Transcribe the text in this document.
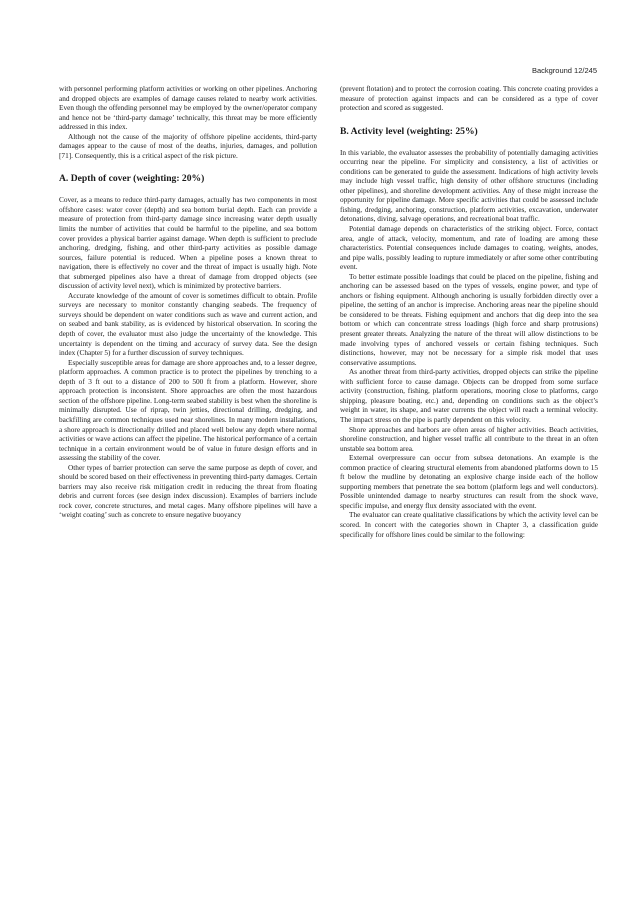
Background 12/245

with personnel performing platform activities or working on other pipelines. Anchoring and dropped objects are examples of damage causes related to nearby work activities. Even though the offending personnel may be employed by the owner/operator company and hence not be ‘third-party damage’ technically, this threat may be more efficiently addressed in this index.

Although not the cause of the majority of offshore pipeline accidents, third-party damages appear to the cause of most of the deaths, injuries, damages, and pollution [71]. Consequently, this is a critical aspect of the risk picture.

A. Depth of cover (weighting: 20%)

Cover, as a means to reduce third-party damages, actually has two components in most offshore cases: water cover (depth) and sea bottom burial depth. Each can provide a measure of protection from third-party damage since increasing water depth usually limits the number of activities that could be harmful to the pipeline, and sea bottom cover provides a physical barrier against damage. When depth is sufficient to preclude anchoring, dredging, fishing, and other third-party activities as possible damage sources, failure potential is reduced. When a pipeline poses a known threat to navigation, there is effectively no cover and the threat of impact is usually high. Note that submerged pipelines also have a threat of damage from dropped objects (see discussion of activity level next), which is minimized by protective barriers.

Accurate knowledge of the amount of cover is sometimes difficult to obtain. Profile surveys are necessary to monitor constantly changing seabeds. The frequency of surveys should be dependent on water conditions such as wave and current action, and on seabed and bank stability, as is evidenced by historical observation. In scoring the depth of cover, the evaluator must also judge the uncertainty of the knowledge. This uncertainty is dependent on the timing and accuracy of survey data. See the design index (Chapter 5) for a further discussion of survey techniques.

Especially susceptible areas for damage are shore approaches and, to a lesser degree, platform approaches. A common practice is to protect the pipelines by trenching to a depth of 3 ft out to a distance of 200 to 500 ft from a platform. However, shore approach protection is inconsistent. Shore approaches are often the most hazardous section of the offshore pipeline. Long-term seabed stability is best when the shoreline is minimally disrupted. Use of riprap, twin jetties, directional drilling, dredging, and backfilling are common techniques used near shorelines. In many modern installations, a shore approach is directionally drilled and placed well below any depth where normal activities or wave actions can affect the pipeline. The historical performance of a certain technique in a certain environment would be of value in future design efforts and in assessing the stability of the cover.

Other types of barrier protection can serve the same purpose as depth of cover, and should be scored based on their effectiveness in preventing third-party damages. Certain barriers may also receive risk mitigation credit in reducing the threat from floating debris and current forces (see design index discussion). Examples of barriers include rock cover, concrete structures, and metal cages. Many offshore pipelines will have a ‘weight coating’ such as concrete to ensure negative buoyancy

(prevent flotation) and to protect the corrosion coating. This concrete coating provides a measure of protection against impacts and can be considered as a type of cover protection and scored as suggested.

B. Activity level (weighting: 25%)

In this variable, the evaluator assesses the probability of potentially damaging activities occurring near the pipeline. For simplicity and consistency, a list of activities or conditions can be generated to guide the assessment. Indications of high activity levels may include high vessel traffic, high density of other offshore structures (including other pipelines), and shoreline development activities. Any of these might increase the opportunity for pipeline damage. More specific activities that could be assessed include fishing, dredging, anchoring, construction, platform activities, excavation, underwater detonations, diving, salvage operations, and recreational boat traffic.

Potential damage depends on characteristics of the striking object. Force, contact area, angle of attack, velocity, momentum, and rate of loading are among these characteristics. Potential consequences include damages to coating, weights, anodes, and pipe walls, possibly leading to rupture immediately or after some other contributing event.

To better estimate possible loadings that could be placed on the pipeline, fishing and anchoring can be assessed based on the types of vessels, engine power, and type of anchors or fishing equipment. Although anchoring is usually forbidden directly over a pipeline, the setting of an anchor is imprecise. Anchoring areas near the pipeline should be considered to be threats. Fishing equipment and anchors that dig deep into the sea bottom or which can concentrate stress loadings (high force and sharp protrusions) present greater threats. Analyzing the nature of the threat will allow distinctions to be made involving types of anchored vessels or certain fishing techniques. Such distinctions, however, may not be necessary for a simple risk model that uses conservative assumptions.

As another threat from third-party activities, dropped objects can strike the pipeline with sufficient force to cause damage. Objects can be dropped from some surface activity (construction, fishing, platform operations, mooring close to platforms, cargo shipping, pleasure boating, etc.) and, depending on conditions such as the object’s weight in water, its shape, and water currents the object will reach a terminal velocity. The impact stress on the pipe is partly dependent on this velocity.

Shore approaches and harbors are often areas of higher activities. Beach activities, shoreline construction, and higher vessel traffic all contribute to the threat in an often unstable sea bottom area.

External overpressure can occur from subsea detonations. An example is the common practice of clearing structural elements from abandoned platforms down to 15 ft below the mudline by detonating an explosive charge inside each of the hollow supporting members that penetrate the sea bottom (platform legs and well conductors). Possible unintended damage to nearby structures can result from the shock wave, specific impulse, and energy flux density associated with the event.

The evaluator can create qualitative classifications by which the activity level can be scored. In concert with the categories shown in Chapter 3, a classification guide specifically for offshore lines could be similar to the following:
